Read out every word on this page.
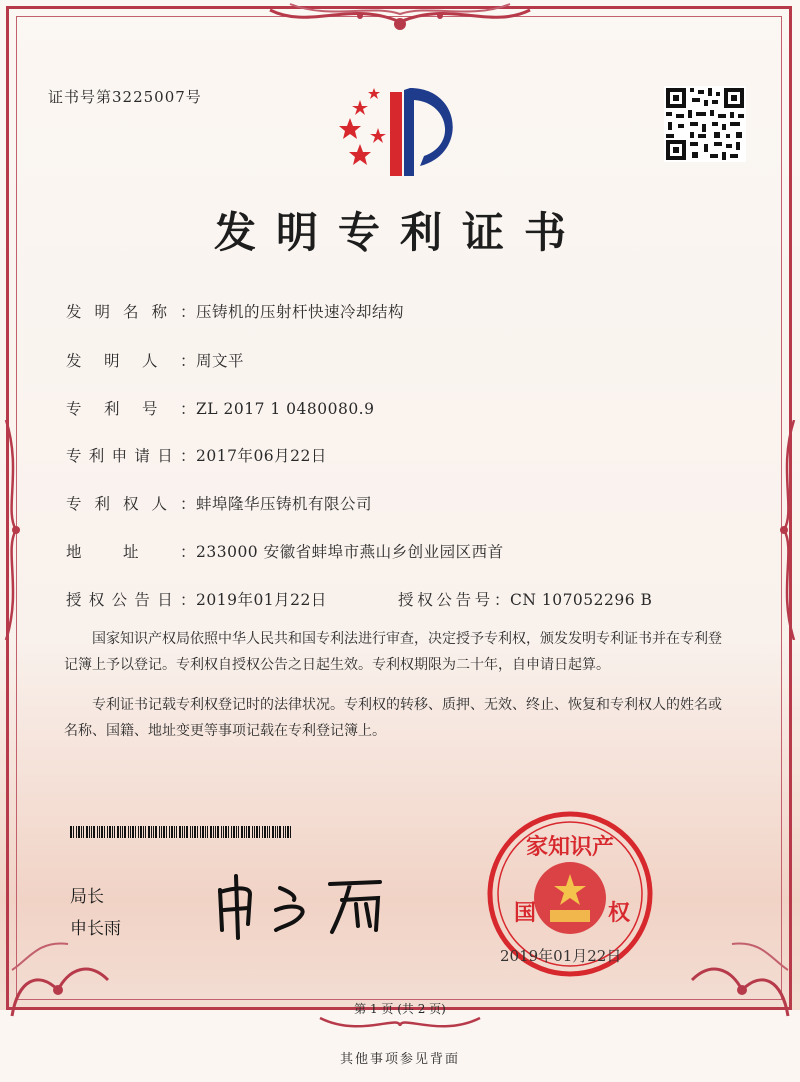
证书号第3225007号
发明专利证书
发明名称：压铸机的压射杆快速冷却结构
发明人：周文平
专利号：ZL 2017 1 0480080.9
专利申请日：2017年06月22日
专利权人：蚌埠隆华压铸机有限公司
地址：233000 安徽省蚌埠市燕山乡创业园区西首
授权公告日：2019年01月22日	授权公告号：CN 107052296 B
国家知识产权局依照中华人民共和国专利法进行审查，决定授予专利权，颁发发明专利证书并在专利登记簿上予以登记。专利权自授权公告之日起生效。专利权期限为二十年，自申请日起算。
专利证书记载专利权登记时的法律状况。专利权的转移、质押、无效、终止、恢复和专利权人的姓名或名称、国籍、地址变更等事项记载在专利登记簿上。
局长
申长雨
家知识产
国	权
2019年01月22日
第 1 页 (共 2 页)
其他事项参见背面
